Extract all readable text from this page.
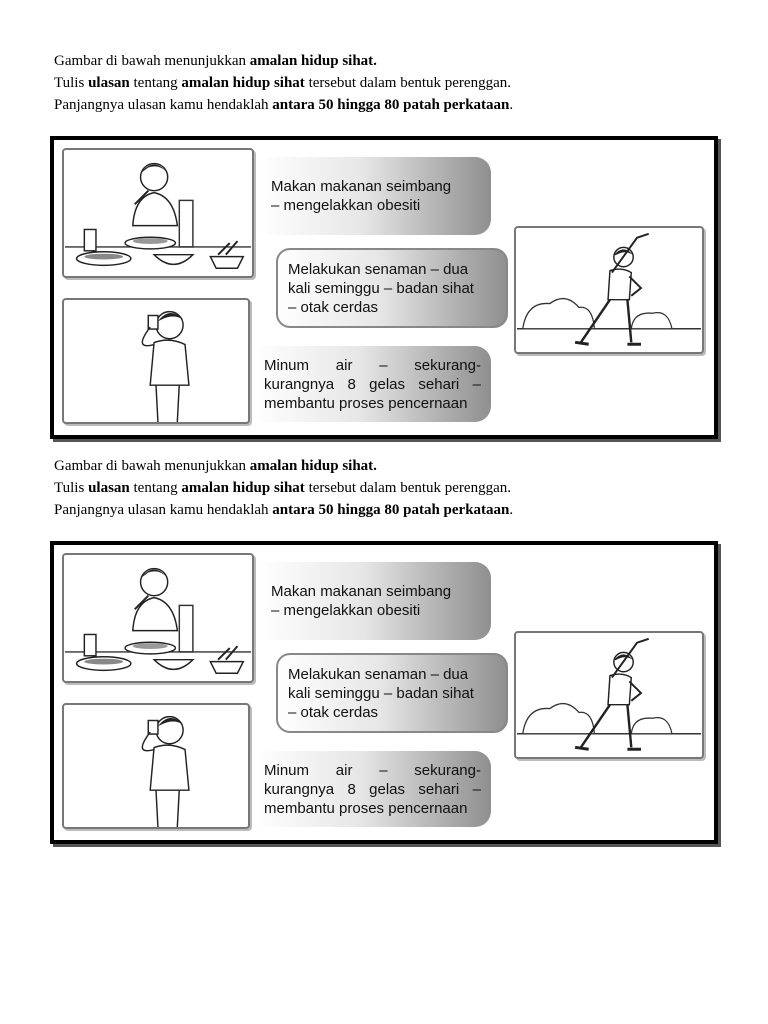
Gambar di bawah menunjukkan amalan hidup sihat.

Tulis ulasan tentang amalan hidup sihat tersebut dalam bentuk perenggan.

Panjangnya ulasan kamu hendaklah antara 50 hingga 80 patah perkataan.

Makan makanan seimbang
– mengelakkan obesiti
Melakukan senaman – dua
kali seminggu – badan sihat
– otak cerdas
Minum air – sekurang-
kurangnya 8 gelas sehari –
membantu proses pencernaan

Gambar di bawah menunjukkan amalan hidup sihat.

Tulis ulasan tentang amalan hidup sihat tersebut dalam bentuk perenggan.

Panjangnya ulasan kamu hendaklah antara 50 hingga 80 patah perkataan.

Makan makanan seimbang
– mengelakkan obesiti
Melakukan senaman – dua
kali seminggu – badan sihat
– otak cerdas
Minum air – sekurang-
kurangnya 8 gelas sehari –
membantu proses pencernaan
